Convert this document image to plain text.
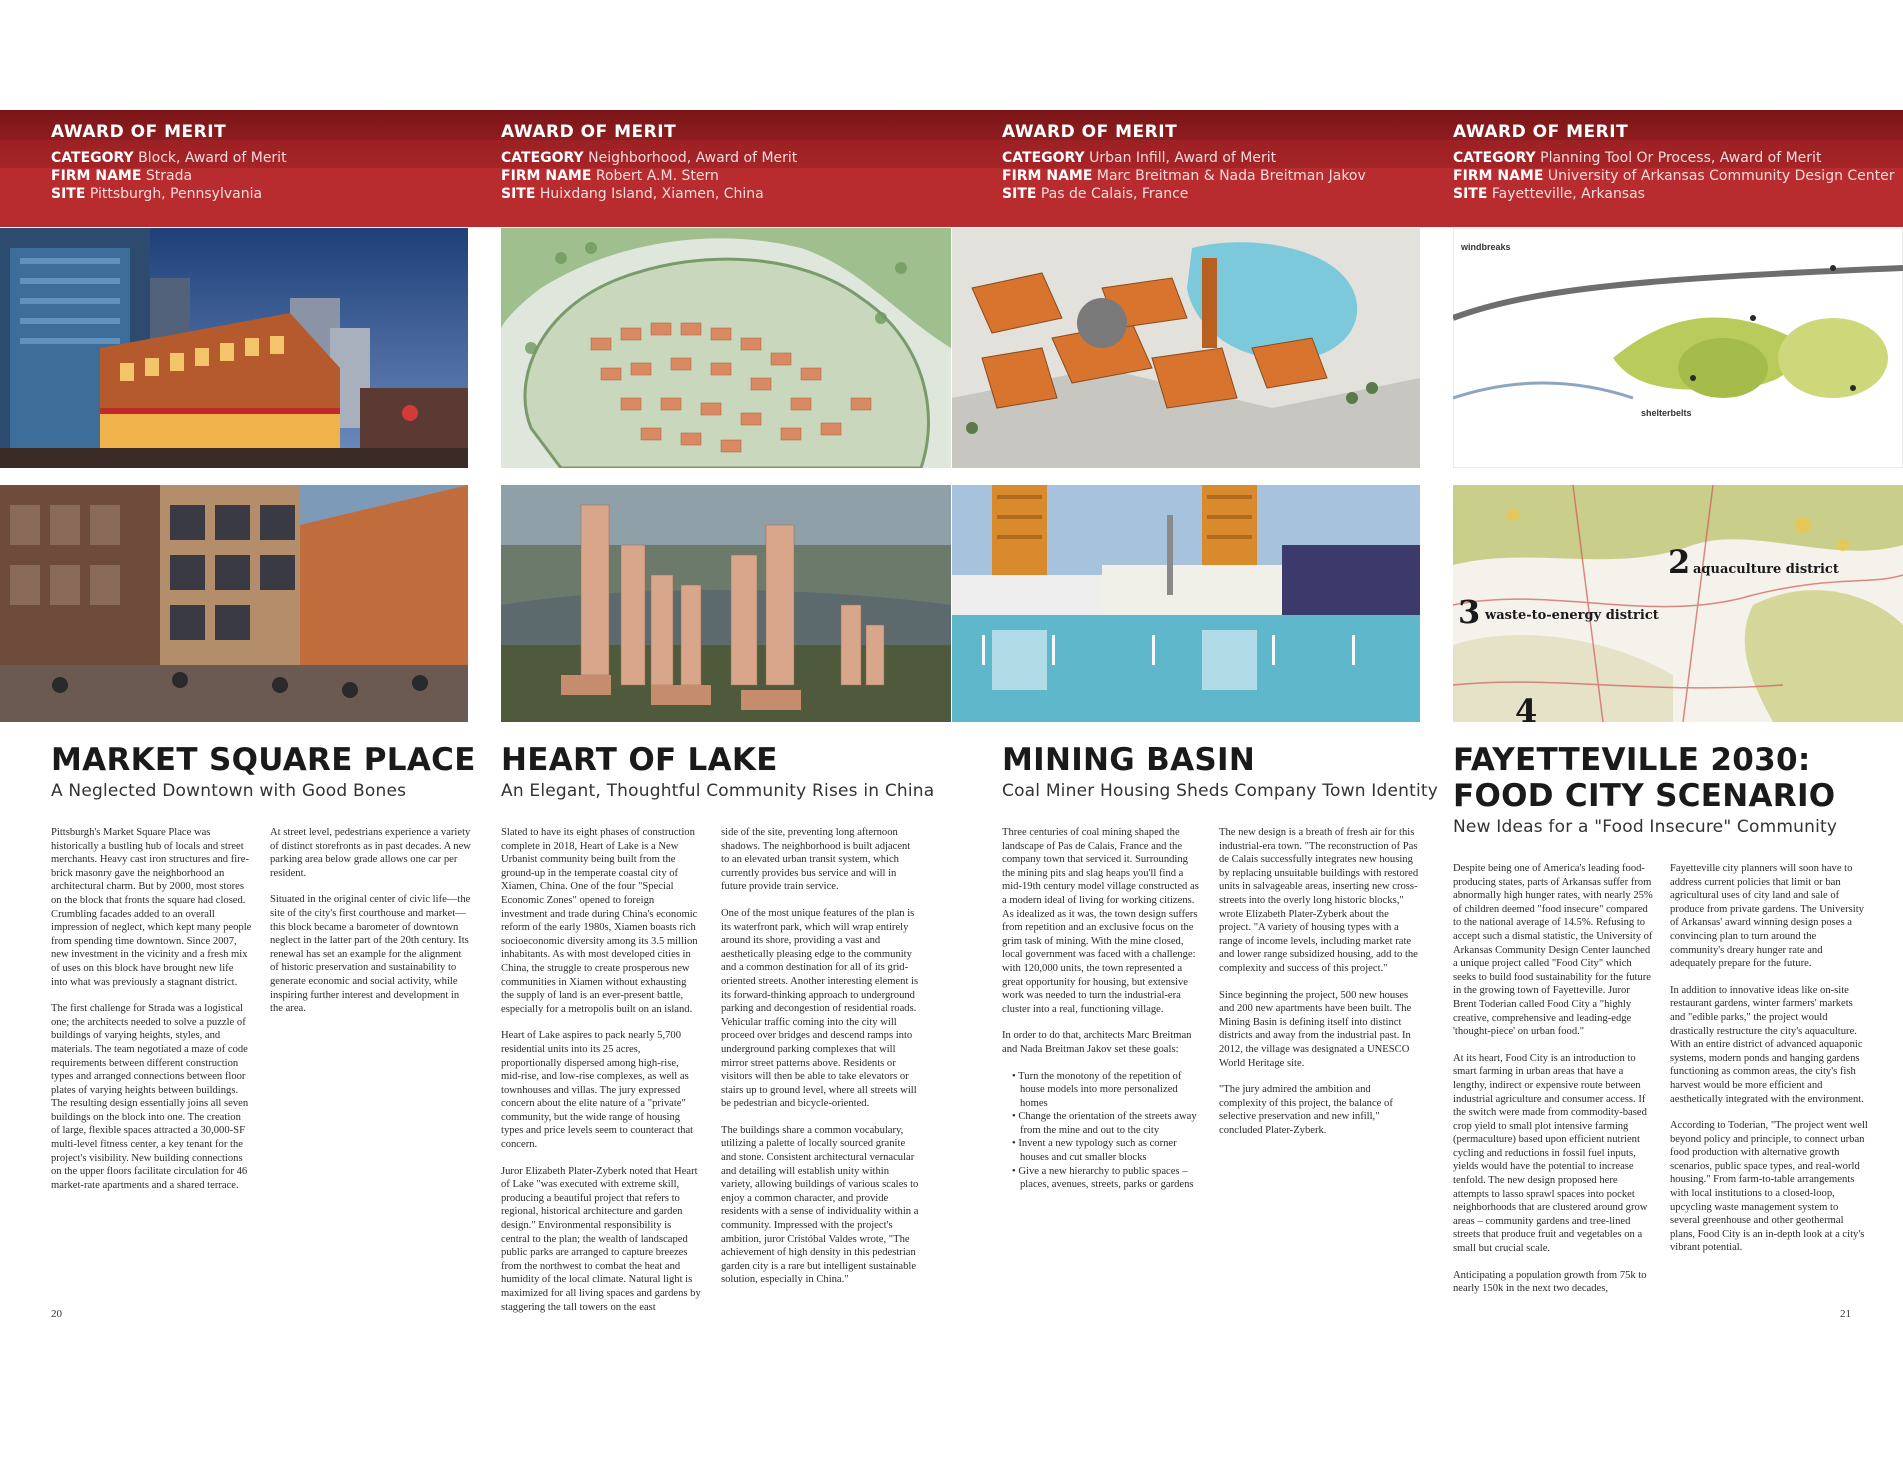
AWARD OF MERIT
CATEGORY Block, Award of Merit
FIRM NAME Strada
SITE Pittsburgh, Pennsylvania
AWARD OF MERIT
CATEGORY Neighborhood, Award of Merit
FIRM NAME Robert A.M. Stern
SITE Huixdang Island, Xiamen, China
AWARD OF MERIT
CATEGORY Urban Infill, Award of Merit
FIRM NAME Marc Breitman & Nada Breitman Jakov
SITE Pas de Calais, France
AWARD OF MERIT
CATEGORY Planning Tool Or Process, Award of Merit
FIRM NAME University of Arkansas Community Design Center
SITE Fayetteville, Arkansas
windbreaks
shelterbelts
2 aquaculture district
3 waste-to-energy district
4
MARKET SQUARE PLACE
A Neglected Downtown with Good Bones
HEART OF LAKE
An Elegant, Thoughtful Community Rises in China
MINING BASIN
Coal Miner Housing Sheds Company Town Identity
FAYETTEVILLE 2030:
FOOD CITY SCENARIO
New Ideas for a "Food Insecure" Community

Pittsburgh's Market Square Place was historically a bustling hub of locals and street merchants. Heavy cast iron structures and fire-brick masonry gave the neighborhood an architectural charm. But by 2000, most stores on the block that fronts the square had closed. Crumbling facades added to an overall impression of neglect, which kept many people from spending time downtown. Since 2007, new investment in the vicinity and a fresh mix of uses on this block have brought new life into what was previously a stagnant district.

The first challenge for Strada was a logistical one; the architects needed to solve a puzzle of buildings of varying heights, styles, and materials. The team negotiated a maze of code requirements between different construction types and arranged connections between floor plates of varying heights between buildings. The resulting design essentially joins all seven buildings on the block into one. The creation of large, flexible spaces attracted a 30,000-SF multi-level fitness center, a key tenant for the project's visibility. New building connections on the upper floors facilitate circulation for 46 market-rate apartments and a shared terrace.

At street level, pedestrians experience a variety of distinct storefronts as in past decades. A new parking area below grade allows one car per resident.

Situated in the original center of civic life—the site of the city's first courthouse and market—this block became a barometer of downtown neglect in the latter part of the 20th century. Its renewal has set an example for the alignment of historic preservation and sustainability to generate economic and social activity, while inspiring further interest and development in the area.

Slated to have its eight phases of construction complete in 2018, Heart of Lake is a New Urbanist community being built from the ground-up in the temperate coastal city of Xiamen, China. One of the four "Special Economic Zones" opened to foreign investment and trade during China's economic reform of the early 1980s, Xiamen boasts rich socioeconomic diversity among its 3.5 million inhabitants. As with most developed cities in China, the struggle to create prosperous new communities in Xiamen without exhausting the supply of land is an ever-present battle, especially for a metropolis built on an island.

Heart of Lake aspires to pack nearly 5,700 residential units into its 25 acres, proportionally dispersed among high-rise, mid-rise, and low-rise complexes, as well as townhouses and villas. The jury expressed concern about the elite nature of a "private" community, but the wide range of housing types and price levels seem to counteract that concern.

Juror Elizabeth Plater-Zyberk noted that Heart of Lake "was executed with extreme skill, producing a beautiful project that refers to regional, historical architecture and garden design." Environmental responsibility is central to the plan; the wealth of landscaped public parks are arranged to capture breezes from the northwest to combat the heat and humidity of the local climate. Natural light is maximized for all living spaces and gardens by staggering the tall towers on the east

side of the site, preventing long afternoon shadows. The neighborhood is built adjacent to an elevated urban transit system, which currently provides bus service and will in future provide train service.

One of the most unique features of the plan is its waterfront park, which will wrap entirely around its shore, providing a vast and aesthetically pleasing edge to the community and a common destination for all of its grid-oriented streets. Another interesting element is its forward-thinking approach to underground parking and decongestion of residential roads. Vehicular traffic coming into the city will proceed over bridges and descend ramps into underground parking complexes that will mirror street patterns above. Residents or visitors will then be able to take elevators or stairs up to ground level, where all streets will be pedestrian and bicycle-oriented.

The buildings share a common vocabulary, utilizing a palette of locally sourced granite and stone. Consistent architectural vernacular and detailing will establish unity within variety, allowing buildings of various scales to enjoy a common character, and provide residents with a sense of individuality within a community. Impressed with the project's ambition, juror Cristóbal Valdes wrote, "The achievement of high density in this pedestrian garden city is a rare but intelligent sustainable solution, especially in China."

Three centuries of coal mining shaped the landscape of Pas de Calais, France and the company town that serviced it. Surrounding the mining pits and slag heaps you'll find a mid-19th century model village constructed as a modern ideal of living for working citizens. As idealized as it was, the town design suffers from repetition and an exclusive focus on the grim task of mining. With the mine closed, local government was faced with a challenge: with 120,000 units, the town represented a great opportunity for housing, but extensive work was needed to turn the industrial-era cluster into a real, functioning village.

In order to do that, architects Marc Breitman and Nada Breitman Jakov set these goals:

• Turn the monotony of the repetition of house models into more personalized homes
• Change the orientation of the streets away from the mine and out to the city
• Invent a new typology such as corner houses and cut smaller blocks
• Give a new hierarchy to public spaces – places, avenues, streets, parks or gardens

The new design is a breath of fresh air for this industrial-era town. "The reconstruction of Pas de Calais successfully integrates new housing by replacing unsuitable buildings with restored units in salvageable areas, inserting new cross-streets into the overly long historic blocks," wrote Elizabeth Plater-Zyberk about the project. "A variety of housing types with a range of income levels, including market rate and lower range subsidized housing, add to the complexity and success of this project."

Since beginning the project, 500 new houses and 200 new apartments have been built. The Mining Basin is defining itself into distinct districts and away from the industrial past. In 2012, the village was designated a UNESCO World Heritage site.

"The jury admired the ambition and complexity of this project, the balance of selective preservation and new infill," concluded Plater-Zyberk.

Despite being one of America's leading food-producing states, parts of Arkansas suffer from abnormally high hunger rates, with nearly 25% of children deemed "food insecure" compared to the national average of 14.5%. Refusing to accept such a dismal statistic, the University of Arkansas Community Design Center launched a unique project called "Food City" which seeks to build food sustainability for the future in the growing town of Fayetteville. Juror Brent Toderian called Food City a "highly creative, comprehensive and leading-edge 'thought-piece' on urban food."

At its heart, Food City is an introduction to smart farming in urban areas that have a lengthy, indirect or expensive route between industrial agriculture and consumer access. If the switch were made from commodity-based crop yield to small plot intensive farming (permaculture) based upon efficient nutrient cycling and reductions in fossil fuel inputs, yields would have the potential to increase tenfold. The new design proposed here attempts to lasso sprawl spaces into pocket neighborhoods that are clustered around grow areas – community gardens and tree-lined streets that produce fruit and vegetables on a small but crucial scale.

Anticipating a population growth from 75k to nearly 150k in the next two decades,

Fayetteville city planners will soon have to address current policies that limit or ban agricultural uses of city land and sale of produce from private gardens. The University of Arkansas' award winning design poses a convincing plan to turn around the community's dreary hunger rate and adequately prepare for the future.

In addition to innovative ideas like on-site restaurant gardens, winter farmers' markets and "edible parks," the project would drastically restructure the city's aquaculture. With an entire district of advanced aquaponic systems, modern ponds and hanging gardens functioning as common areas, the city's fish harvest would be more efficient and aesthetically integrated with the environment.

According to Toderian, "The project went well beyond policy and principle, to connect urban food production with alternative growth scenarios, public space types, and real-world housing." From farm-to-table arrangements with local institutions to a closed-loop, upcycling waste management system to several greenhouse and other geothermal plans, Food City is an in-depth look at a city's vibrant potential.

20	21
